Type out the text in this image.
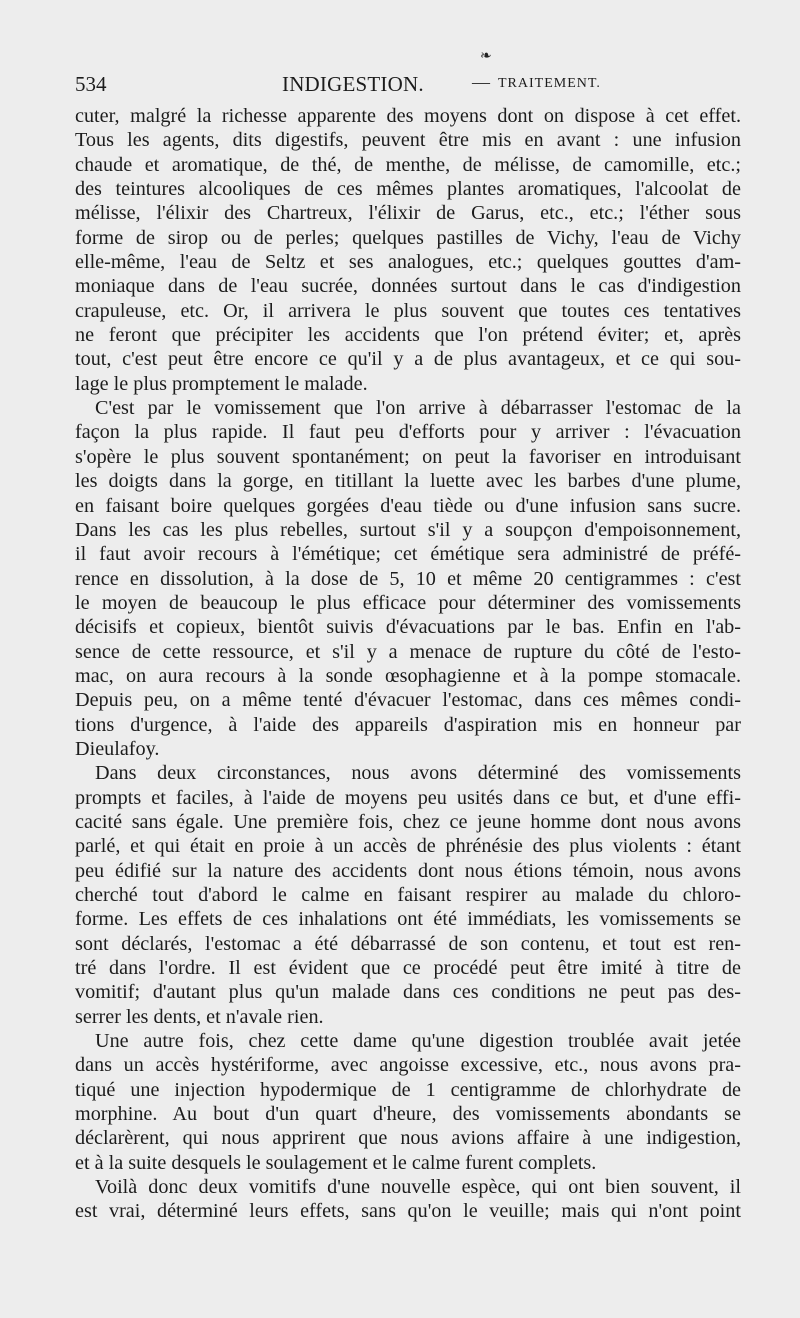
❧
534	INDIGESTION.	— TRAITEMENT.

cuter, malgré la richesse apparente des moyens dont on dispose à cet effet.

Tous les agents, dits digestifs, peuvent être mis en avant : une infusion

chaude et aromatique, de thé, de menthe, de mélisse, de camomille, etc.;

des teintures alcooliques de ces mêmes plantes aromatiques, l'alcoolat de

mélisse, l'élixir des Chartreux, l'élixir de Garus, etc., etc.; l'éther sous

forme de sirop ou de perles; quelques pastilles de Vichy, l'eau de Vichy

elle-même, l'eau de Seltz et ses analogues, etc.; quelques gouttes d'am-

moniaque dans de l'eau sucrée, données surtout dans le cas d'indigestion

crapuleuse, etc. Or, il arrivera le plus souvent que toutes ces tentatives

ne feront que précipiter les accidents que l'on prétend éviter; et, après

tout, c'est peut être encore ce qu'il y a de plus avantageux, et ce qui sou-

lage le plus promptement le malade.

C'est par le vomissement que l'on arrive à débarrasser l'estomac de la

façon la plus rapide. Il faut peu d'efforts pour y arriver : l'évacuation

s'opère le plus souvent spontanément; on peut la favoriser en introduisant

les doigts dans la gorge, en titillant la luette avec les barbes d'une plume,

en faisant boire quelques gorgées d'eau tiède ou d'une infusion sans sucre.

Dans les cas les plus rebelles, surtout s'il y a soupçon d'empoisonnement,

il faut avoir recours à l'émétique; cet émétique sera administré de préfé-

rence en dissolution, à la dose de 5, 10 et même 20 centigrammes : c'est

le moyen de beaucoup le plus efficace pour déterminer des vomissements

décisifs et copieux, bientôt suivis d'évacuations par le bas. Enfin en l'ab-

sence de cette ressource, et s'il y a menace de rupture du côté de l'esto-

mac, on aura recours à la sonde œsophagienne et à la pompe stomacale.

Depuis peu, on a même tenté d'évacuer l'estomac, dans ces mêmes condi-

tions d'urgence, à l'aide des appareils d'aspiration mis en honneur par

Dieulafoy.

Dans deux circonstances, nous avons déterminé des vomissements

prompts et faciles, à l'aide de moyens peu usités dans ce but, et d'une effi-

cacité sans égale. Une première fois, chez ce jeune homme dont nous avons

parlé, et qui était en proie à un accès de phrénésie des plus violents : étant

peu édifié sur la nature des accidents dont nous étions témoin, nous avons

cherché tout d'abord le calme en faisant respirer au malade du chloro-

forme. Les effets de ces inhalations ont été immédiats, les vomissements se

sont déclarés, l'estomac a été débarrassé de son contenu, et tout est ren-

tré dans l'ordre. Il est évident que ce procédé peut être imité à titre de

vomitif; d'autant plus qu'un malade dans ces conditions ne peut pas des-

serrer les dents, et n'avale rien.

Une autre fois, chez cette dame qu'une digestion troublée avait jetée

dans un accès hystériforme, avec angoisse excessive, etc., nous avons pra-

tiqué une injection hypodermique de 1 centigramme de chlorhydrate de

morphine. Au bout d'un quart d'heure, des vomissements abondants se

déclarèrent, qui nous apprirent que nous avions affaire à une indigestion,

et à la suite desquels le soulagement et le calme furent complets.

Voilà donc deux vomitifs d'une nouvelle espèce, qui ont bien souvent, il

est vrai, déterminé leurs effets, sans qu'on le veuille; mais qui n'ont point
